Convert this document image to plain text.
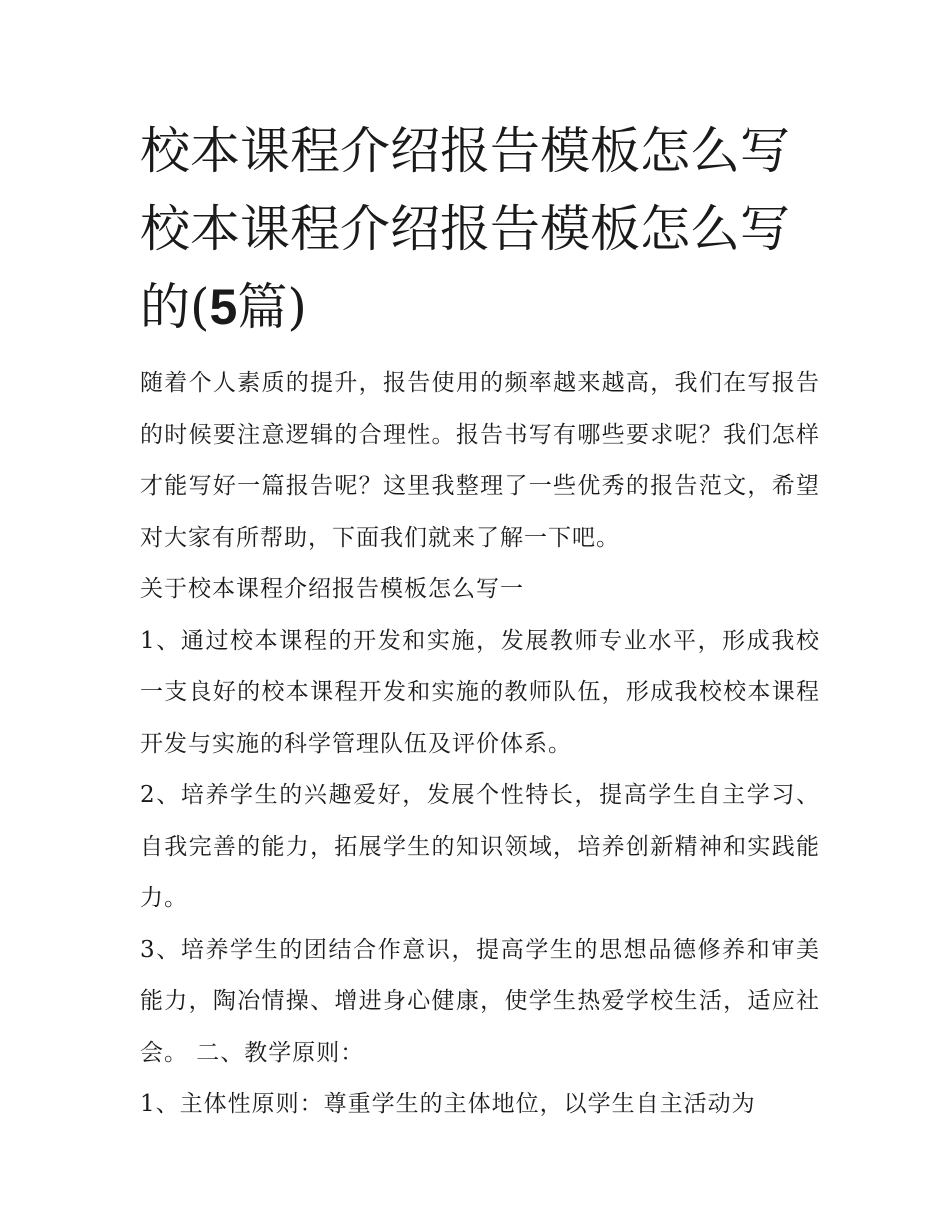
校本课程介绍报告模板怎么写
校本课程介绍报告模板怎么写
的(5篇)

随着个人素质的提升，报告使用的频率越来越高，我们在写报告的时候要注意逻辑的合理性。报告书写有哪些要求呢？我们怎样才能写好一篇报告呢？这里我整理了一些优秀的报告范文，希望对大家有所帮助，下面我们就来了解一下吧。

关于校本课程介绍报告模板怎么写一

1、通过校本课程的开发和实施，发展教师专业水平，形成我校一支良好的校本课程开发和实施的教师队伍，形成我校校本课程开发与实施的科学管理队伍及评价体系。

2、培养学生的兴趣爱好，发展个性特长，提高学生自主学习、自我完善的能力，拓展学生的知识领域，培养创新精神和实践能力。

3、培养学生的团结合作意识，提高学生的思想品德修养和审美能力，陶冶情操、增进身心健康，使学生热爱学校生活，适应社会。 二、教学原则：

1、主体性原则：尊重学生的主体地位，以学生自主活动为
